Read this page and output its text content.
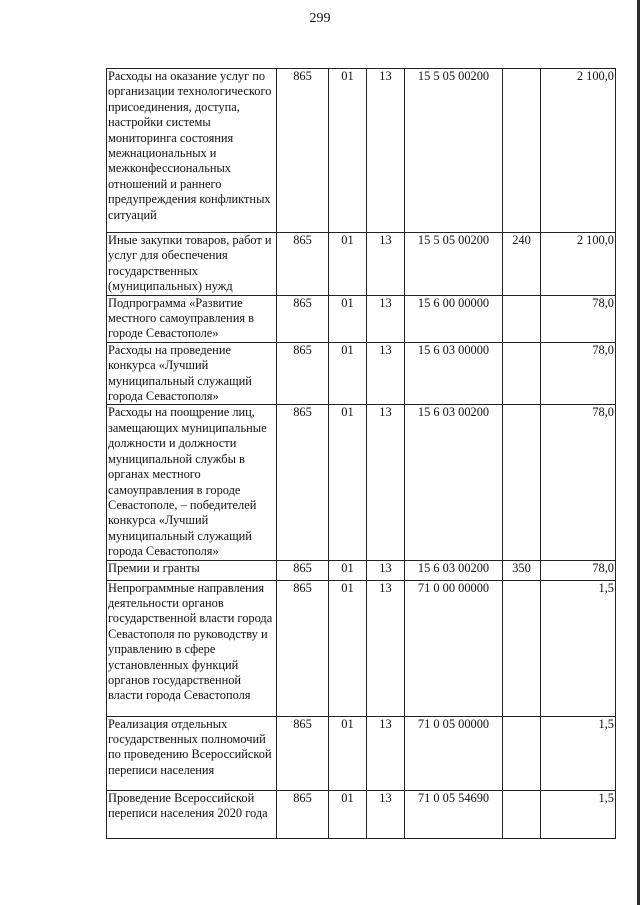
299
Расходы на оказание услуг по организации технологического присоединения, доступа, настройки системы мониторинга состояния межнациональных и межконфессиональных отношений и раннего предупреждения конфликтных ситуаций	865	01	13	15 5 05 00200		2 100,0
Иные закупки товаров, работ и услуг для обеспечения государственных (муниципальных) нужд	865	01	13	15 5 05 00200	240	2 100,0
Подпрограмма «Развитие местного самоуправления в городе Севастополе»	865	01	13	15 6 00 00000		78,0
Расходы на проведение конкурса «Лучший муниципальный служащий города Севастополя»	865	01	13	15 6 03 00000		78,0
Расходы на поощрение лиц, замещающих муниципальные должности и должности муниципальной службы в органах местного самоуправления в городе Севастополе, – победителей конкурса «Лучший муниципальный служащий города Севастополя»	865	01	13	15 6 03 00200		78,0
Премии и гранты	865	01	13	15 6 03 00200	350	78,0
Непрограммные направления деятельности органов государственной власти города Севастополя по руководству и управлению в сфере установленных функций органов государственной власти города Севастополя	865	01	13	71 0 00 00000		1,5
Реализация отдельных государственных полномочий по проведению Всероссийской переписи населения	865	01	13	71 0 05 00000		1,5
Проведение Всероссийской переписи населения 2020 года	865	01	13	71 0 05 54690		1,5
